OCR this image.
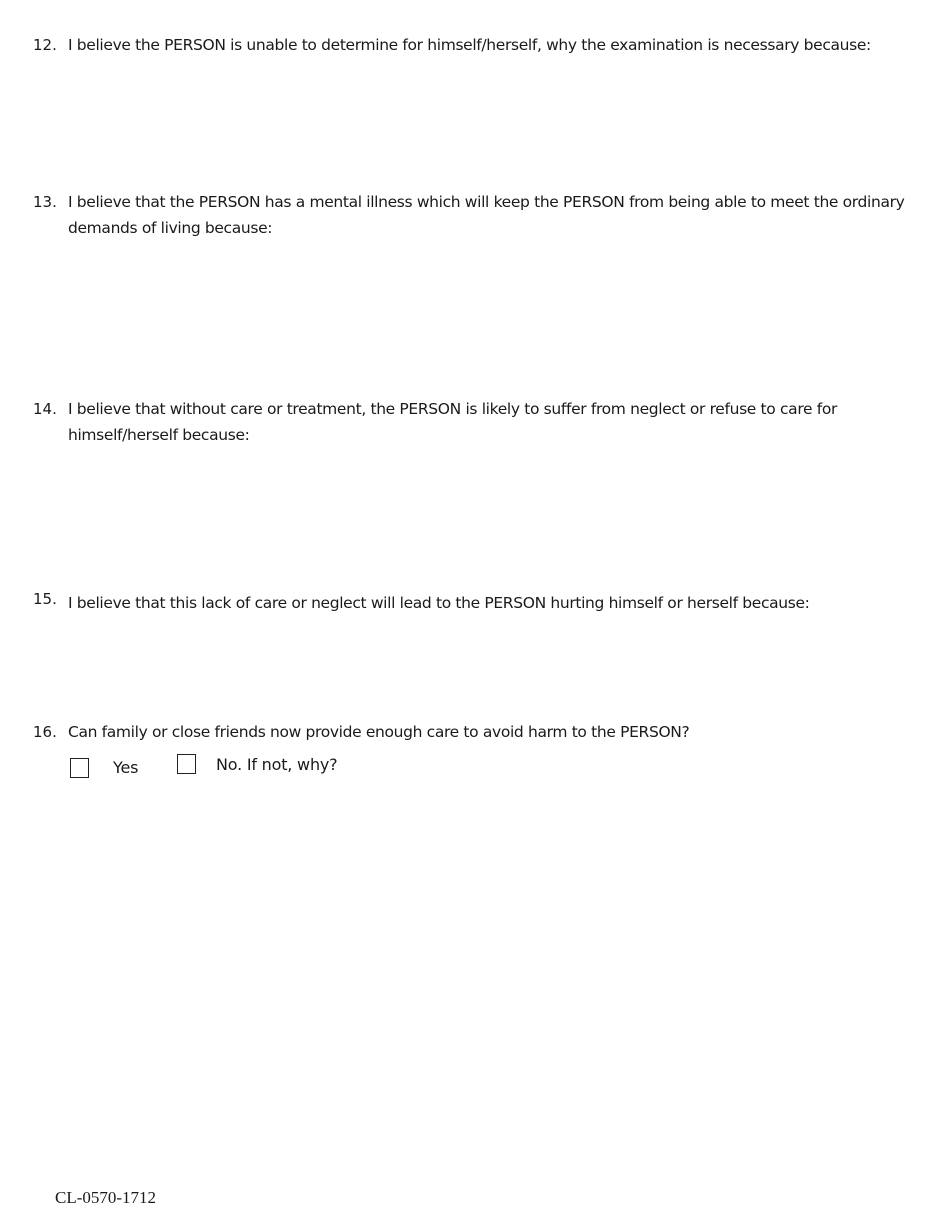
12. I believe the PERSON is unable to determine for himself/herself, why the examination is necessary because:
13. I believe that the PERSON has a mental illness which will keep the PERSON from being able to meet the ordinary
demands of living because:
14. I believe that without care or treatment, the PERSON is likely to suffer from neglect or refuse to care for
himself/herself because:
15. I believe that this lack of care or neglect will lead to the PERSON hurting himself or herself because:
16. Can family or close friends now provide enough care to avoid harm to the PERSON?
Yes	No. If not, why?
CL-0570-1712
